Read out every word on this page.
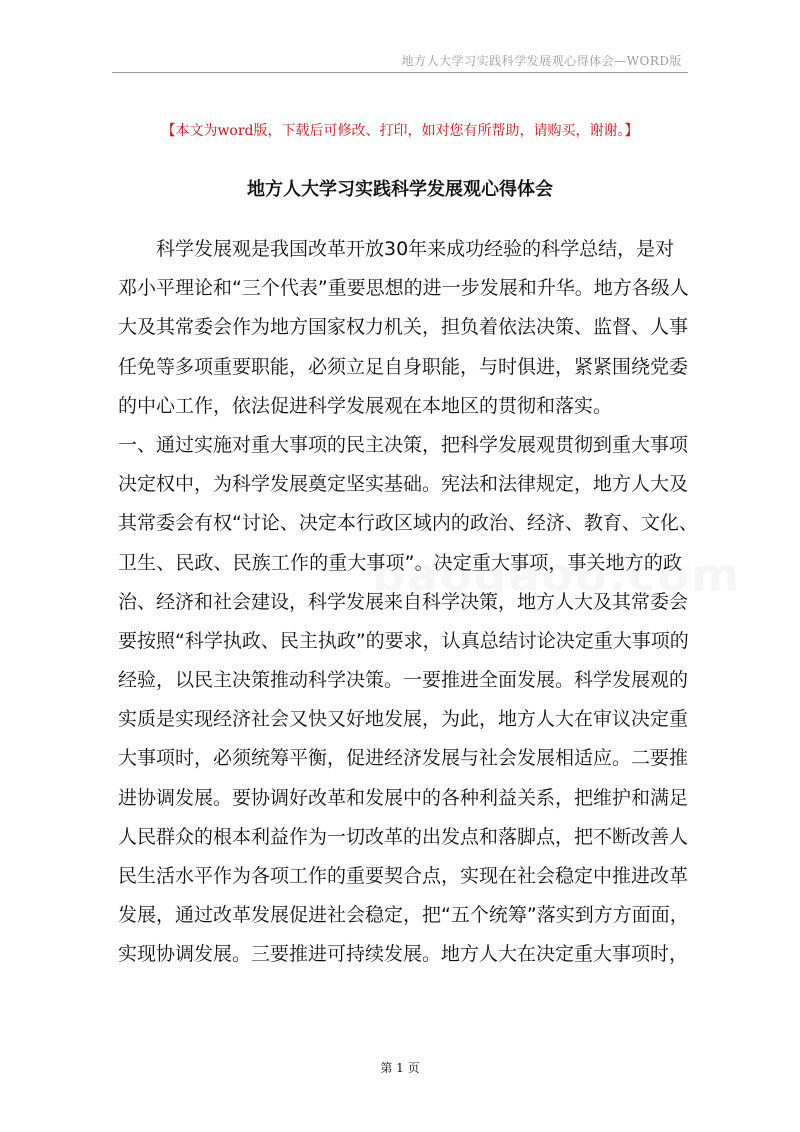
地方人大学习实践科学发展观心得体会—WORD版
【本文为word版，下载后可修改、打印，如对您有所帮助，请购买，谢谢。】
地方人大学习实践科学发展观心得体会
　　科学发展观是我国改革开放30年来成功经验的科学总结，是对
邓小平理论和“三个代表”重要思想的进一步发展和升华。地方各级人
大及其常委会作为地方国家权力机关，担负着依法决策、监督、人事
任免等多项重要职能，必须立足自身职能，与时俱进，紧紧围绕党委
的中心工作，依法促进科学发展观在本地区的贯彻和落实。
一、通过实施对重大事项的民主决策，把科学发展观贯彻到重大事项
决定权中，为科学发展奠定坚实基础。宪法和法律规定，地方人大及
其常委会有权“讨论、决定本行政区域内的政治、经济、教育、文化、
卫生、民政、民族工作的重大事项”。决定重大事项，事关地方的政
治、经济和社会建设，科学发展来自科学决策，地方人大及其常委会
要按照“科学执政、民主执政”的要求，认真总结讨论决定重大事项的
经验，以民主决策推动科学决策。一要推进全面发展。科学发展观的
实质是实现经济社会又快又好地发展，为此，地方人大在审议决定重
大事项时，必须统筹平衡，促进经济发展与社会发展相适应。二要推
进协调发展。要协调好改革和发展中的各种利益关系，把维护和满足
人民群众的根本利益作为一切改革的出发点和落脚点，把不断改善人
民生活水平作为各项工作的重要契合点，实现在社会稳定中推进改革
发展，通过改革发展促进社会稳定，把“五个统筹”落实到方方面面，
实现协调发展。三要推进可持续发展。地方人大在决定重大事项时，
第 1 页
